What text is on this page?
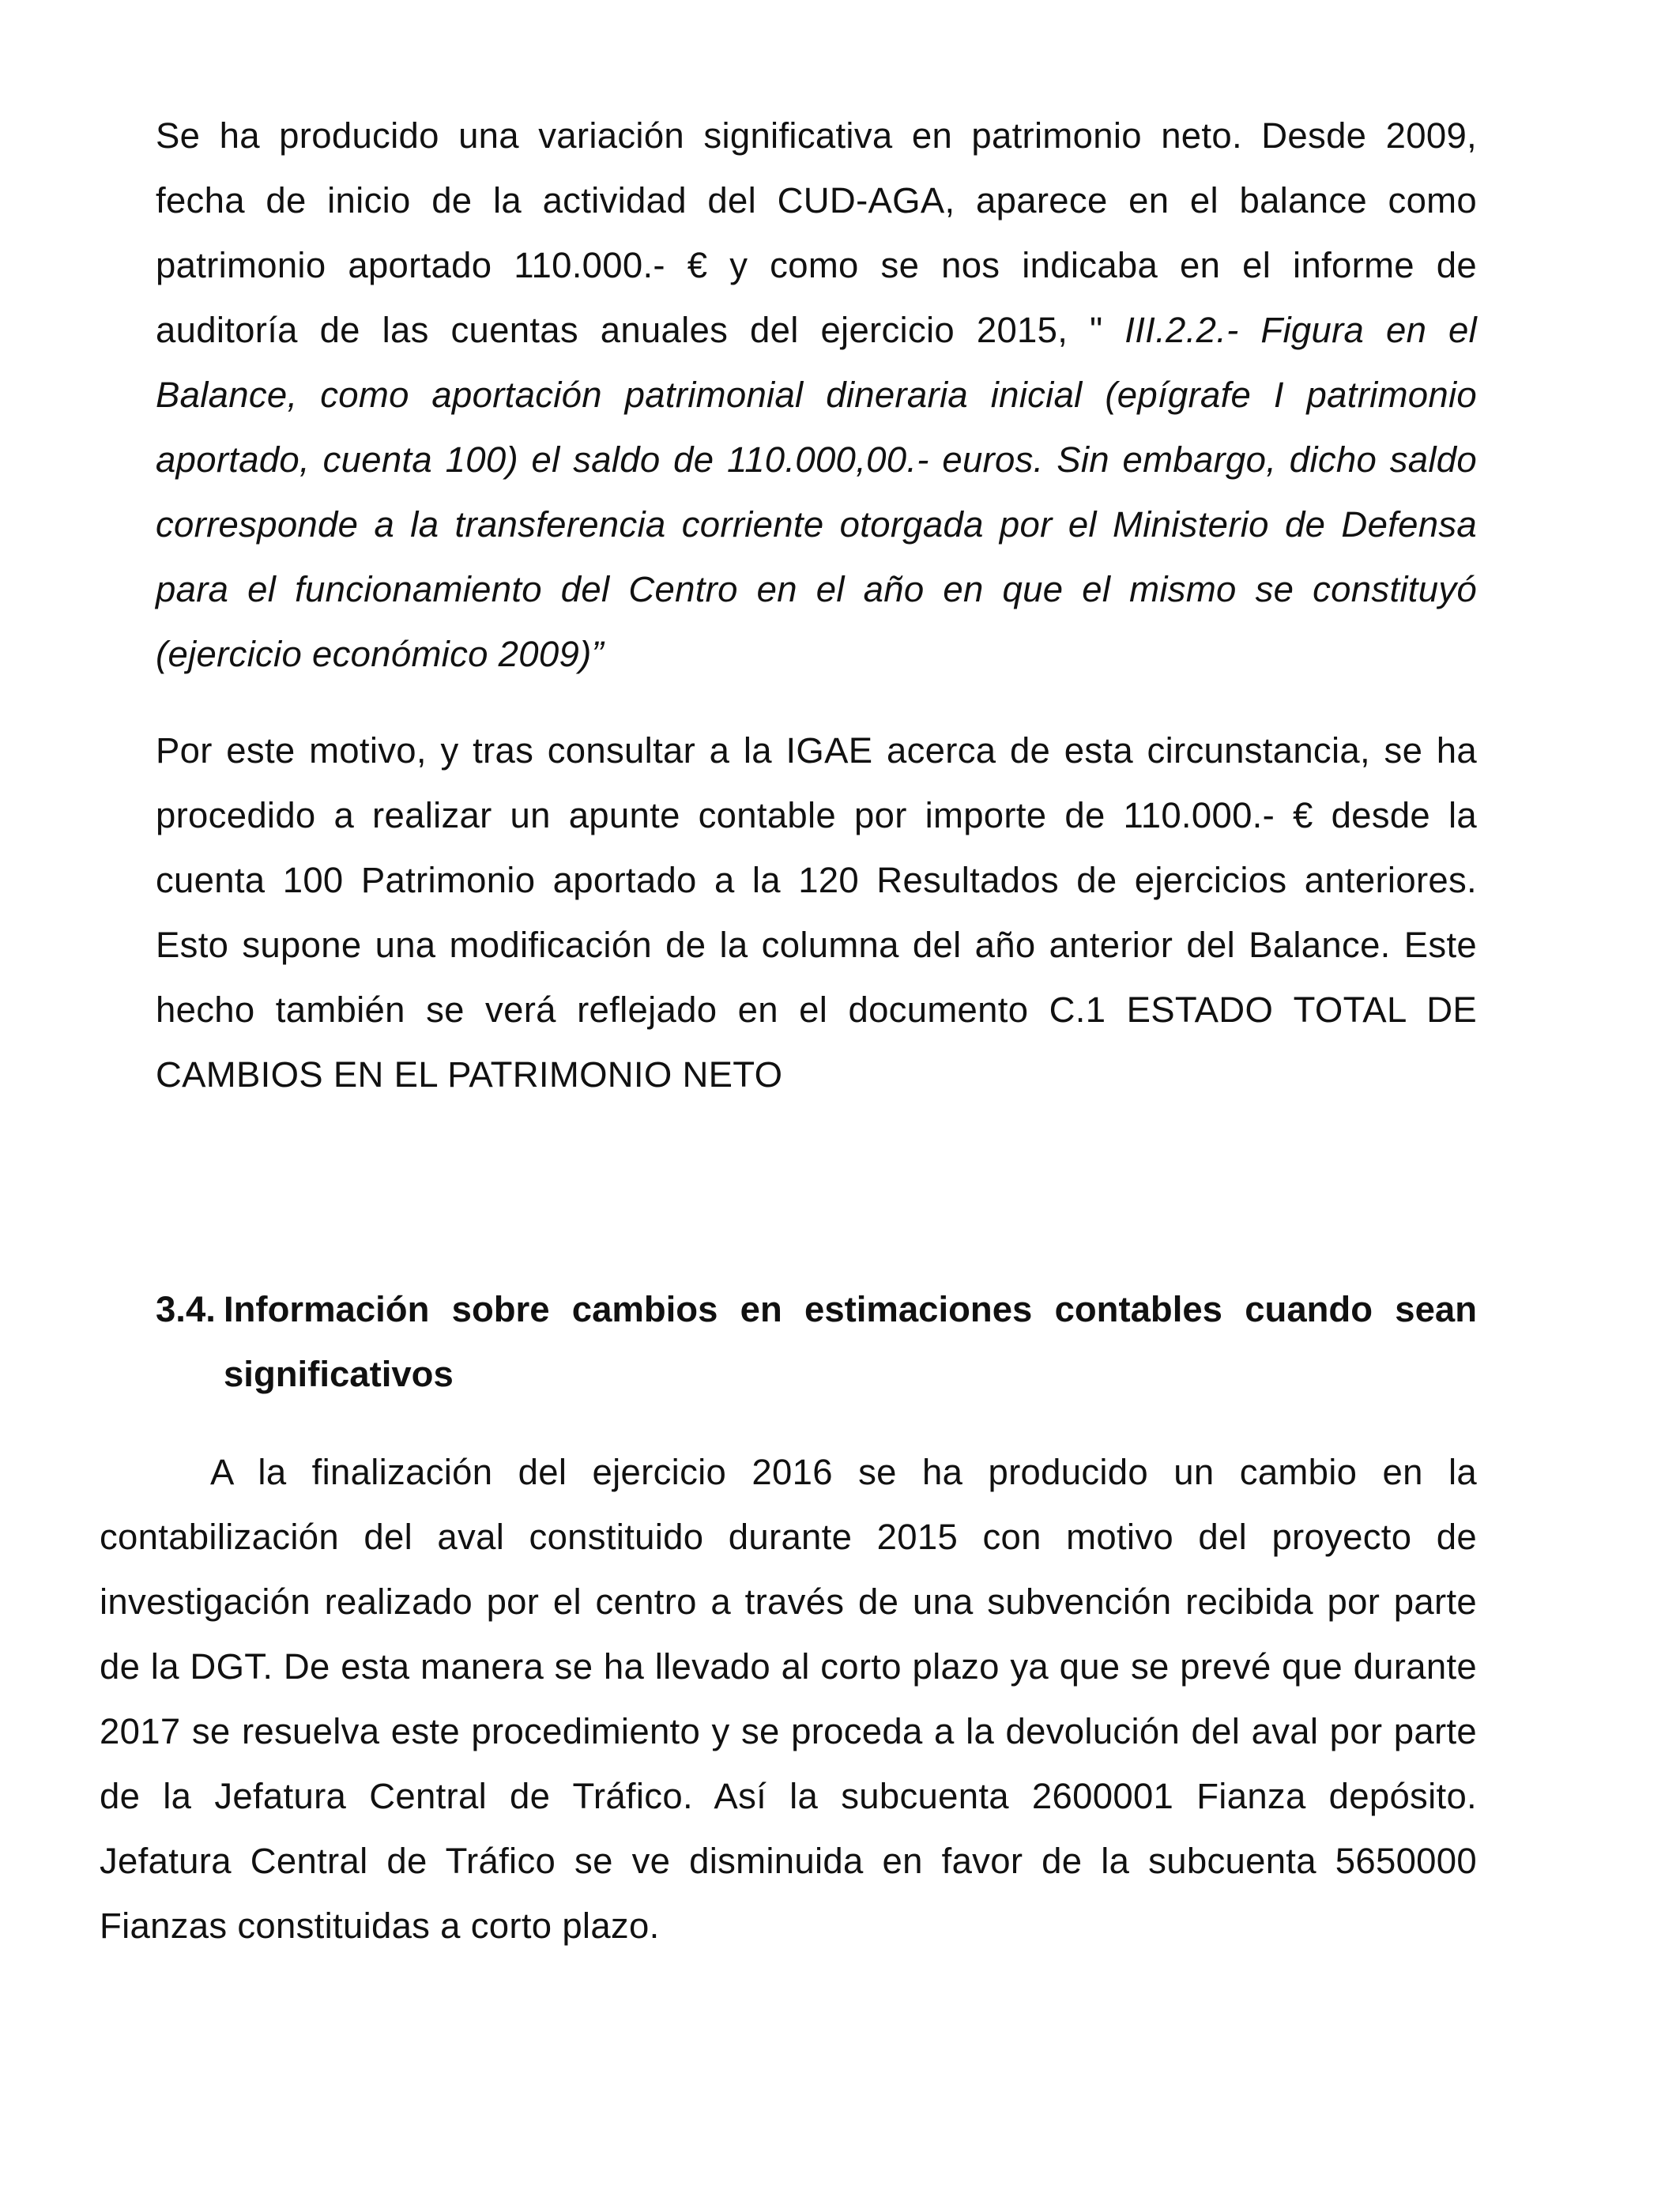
Se ha producido una variación significativa en patrimonio neto. Desde 2009, fecha de inicio de la actividad del CUD-AGA, aparece en el balance como patrimonio aportado 110.000.- € y como se nos indicaba en el informe de auditoría de las cuentas anuales del ejercicio 2015, " III.2.2.- Figura en el Balance, como aportación patrimonial dineraria inicial (epígrafe I patrimonio aportado, cuenta 100) el saldo de 110.000,00.- euros. Sin embargo, dicho saldo corresponde a la transferencia corriente otorgada por el Ministerio de Defensa para el funcionamiento del Centro en el año en que el mismo se constituyó (ejercicio económico 2009)”

Por este motivo, y tras consultar a la IGAE acerca de esta circunstancia, se ha procedido a realizar un apunte contable por importe de 110.000.- € desde la cuenta 100 Patrimonio aportado a la 120 Resultados de ejercicios anteriores. Esto supone una modificación de la columna del año anterior del Balance. Este hecho también se verá reflejado en el documento C.1 ESTADO TOTAL DE CAMBIOS EN EL PATRIMONIO NETO

3.4. Información sobre cambios en estimaciones contables cuando sean significativos

A la finalización del ejercicio 2016 se ha producido un cambio en la contabilización del aval constituido durante 2015 con motivo del proyecto de investigación realizado por el centro a través de una subvención recibida por parte de la DGT. De esta manera se ha llevado al corto plazo ya que se prevé que durante 2017 se resuelva este procedimiento y se proceda a la devolución del aval por parte de la Jefatura Central de Tráfico. Así la subcuenta 2600001 Fianza depósito. Jefatura Central de Tráfico se ve disminuida en favor de la subcuenta 5650000 Fianzas constituidas a corto plazo.
